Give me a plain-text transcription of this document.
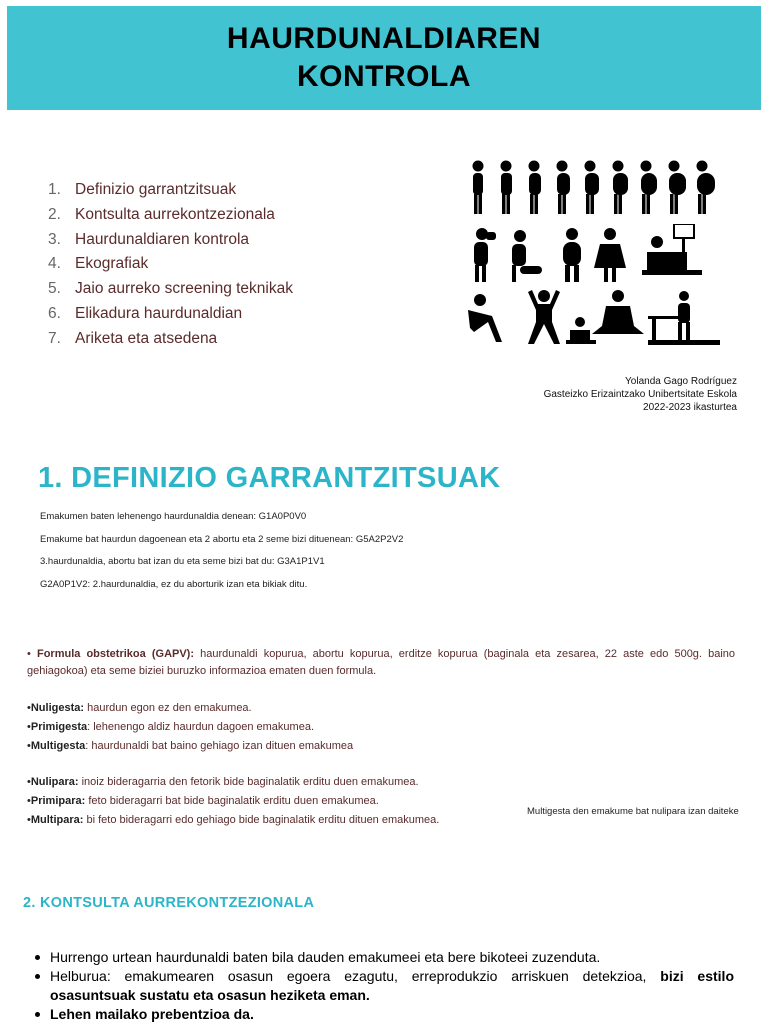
HAURDUNALDIAREN
KONTROLA
1. Definizio garrantzitsuak
2. Kontsulta aurrekontzezionala
3. Haurdunaldiaren kontrola
4. Ekografiak
5. Jaio aurreko screening teknikak
6. Elikadura haurdunaldian
7. Ariketa eta atsedena
Yolanda Gago Rodríguez
Gasteizko Erizaintzako Unibertsitate Eskola
2022-2023 ikasturtea
1. DEFINIZIO GARRANTZITSUAK
Emakumen baten lehenengo haurdunaldia denean: G1A0P0V0
Emakume bat haurdun dagoenean eta 2 abortu eta 2 seme bizi dituenean: G5A2P2V2
3.haurdunaldia, abortu bat izan du eta seme bizi bat du: G3A1P1V1
G2A0P1V2: 2.haurdunaldia, ez du aborturik izan eta bikiak ditu.
• Formula obstetrikoa (GAPV): haurdunaldi kopurua, abortu kopurua, erditze kopurua (baginala eta zesarea, 22 aste edo 500g. baino gehiagokoa) eta seme biziei buruzko informazioa ematen duen formula.
•Nuligesta: haurdun egon ez den emakumea.
•Primigesta: lehenengo aldiz haurdun dagoen emakumea.
•Multigesta: haurdunaldi bat baino gehiago izan dituen emakumea
•Nulipara: inoiz bideragarria den fetorik bide baginalatik erditu duen emakumea.
•Primipara: feto bideragarri bat bide baginalatik erditu duen emakumea.
•Multipara: bi feto bideragarri edo gehiago bide baginalatik erditu dituen emakumea.
Multigesta den emakume bat nulipara izan daiteke
2. KONTSULTA AURREKONTZEZIONALA
Hurrengo urtean haurdunaldi baten bila dauden emakumeei eta bere bikoteei zuzenduta.
Helburua: emakumearen osasun egoera ezagutu, erreprodukzio arriskuen detekzioa, bizi estilo osasuntsuak sustatu eta osasun heziketa eman.
Lehen mailako prebentzioa da.
